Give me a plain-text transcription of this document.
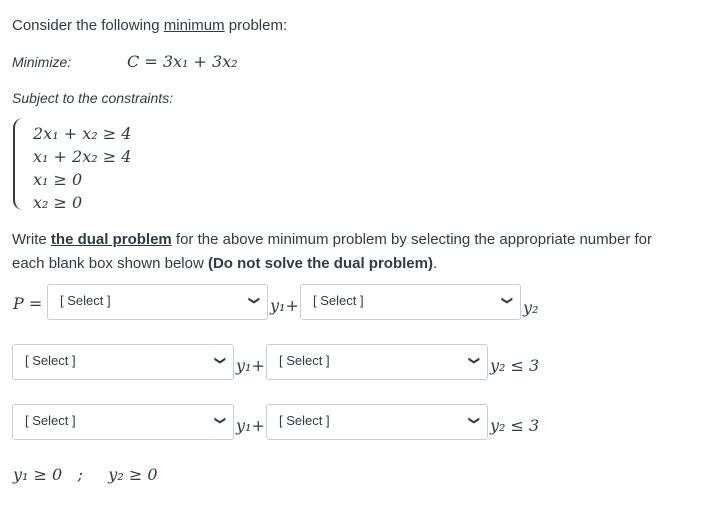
Consider the following minimum problem:
Minimize:	C = 3x₁ + 3x₂
Subject to the constraints:
2x₁ + x₂ ≥ 4
x₁ + 2x₂ ≥ 4
x₁ ≥ 0
x₂ ≥ 0
Write the dual problem for the above minimum problem by selecting the appropriate number for
each blank box shown below (Do not solve the dual problem).
P =	[ Select ]	❯ y₁+	[ Select ]	❯ y₂
[ Select ]	❯ y₁+	[ Select ]	❯ y₂ ≤ 3
[ Select ]	❯ y₁+	[ Select ]	❯ y₂ ≤ 3
y₁ ≥ 0   ;     y₂ ≥ 0
